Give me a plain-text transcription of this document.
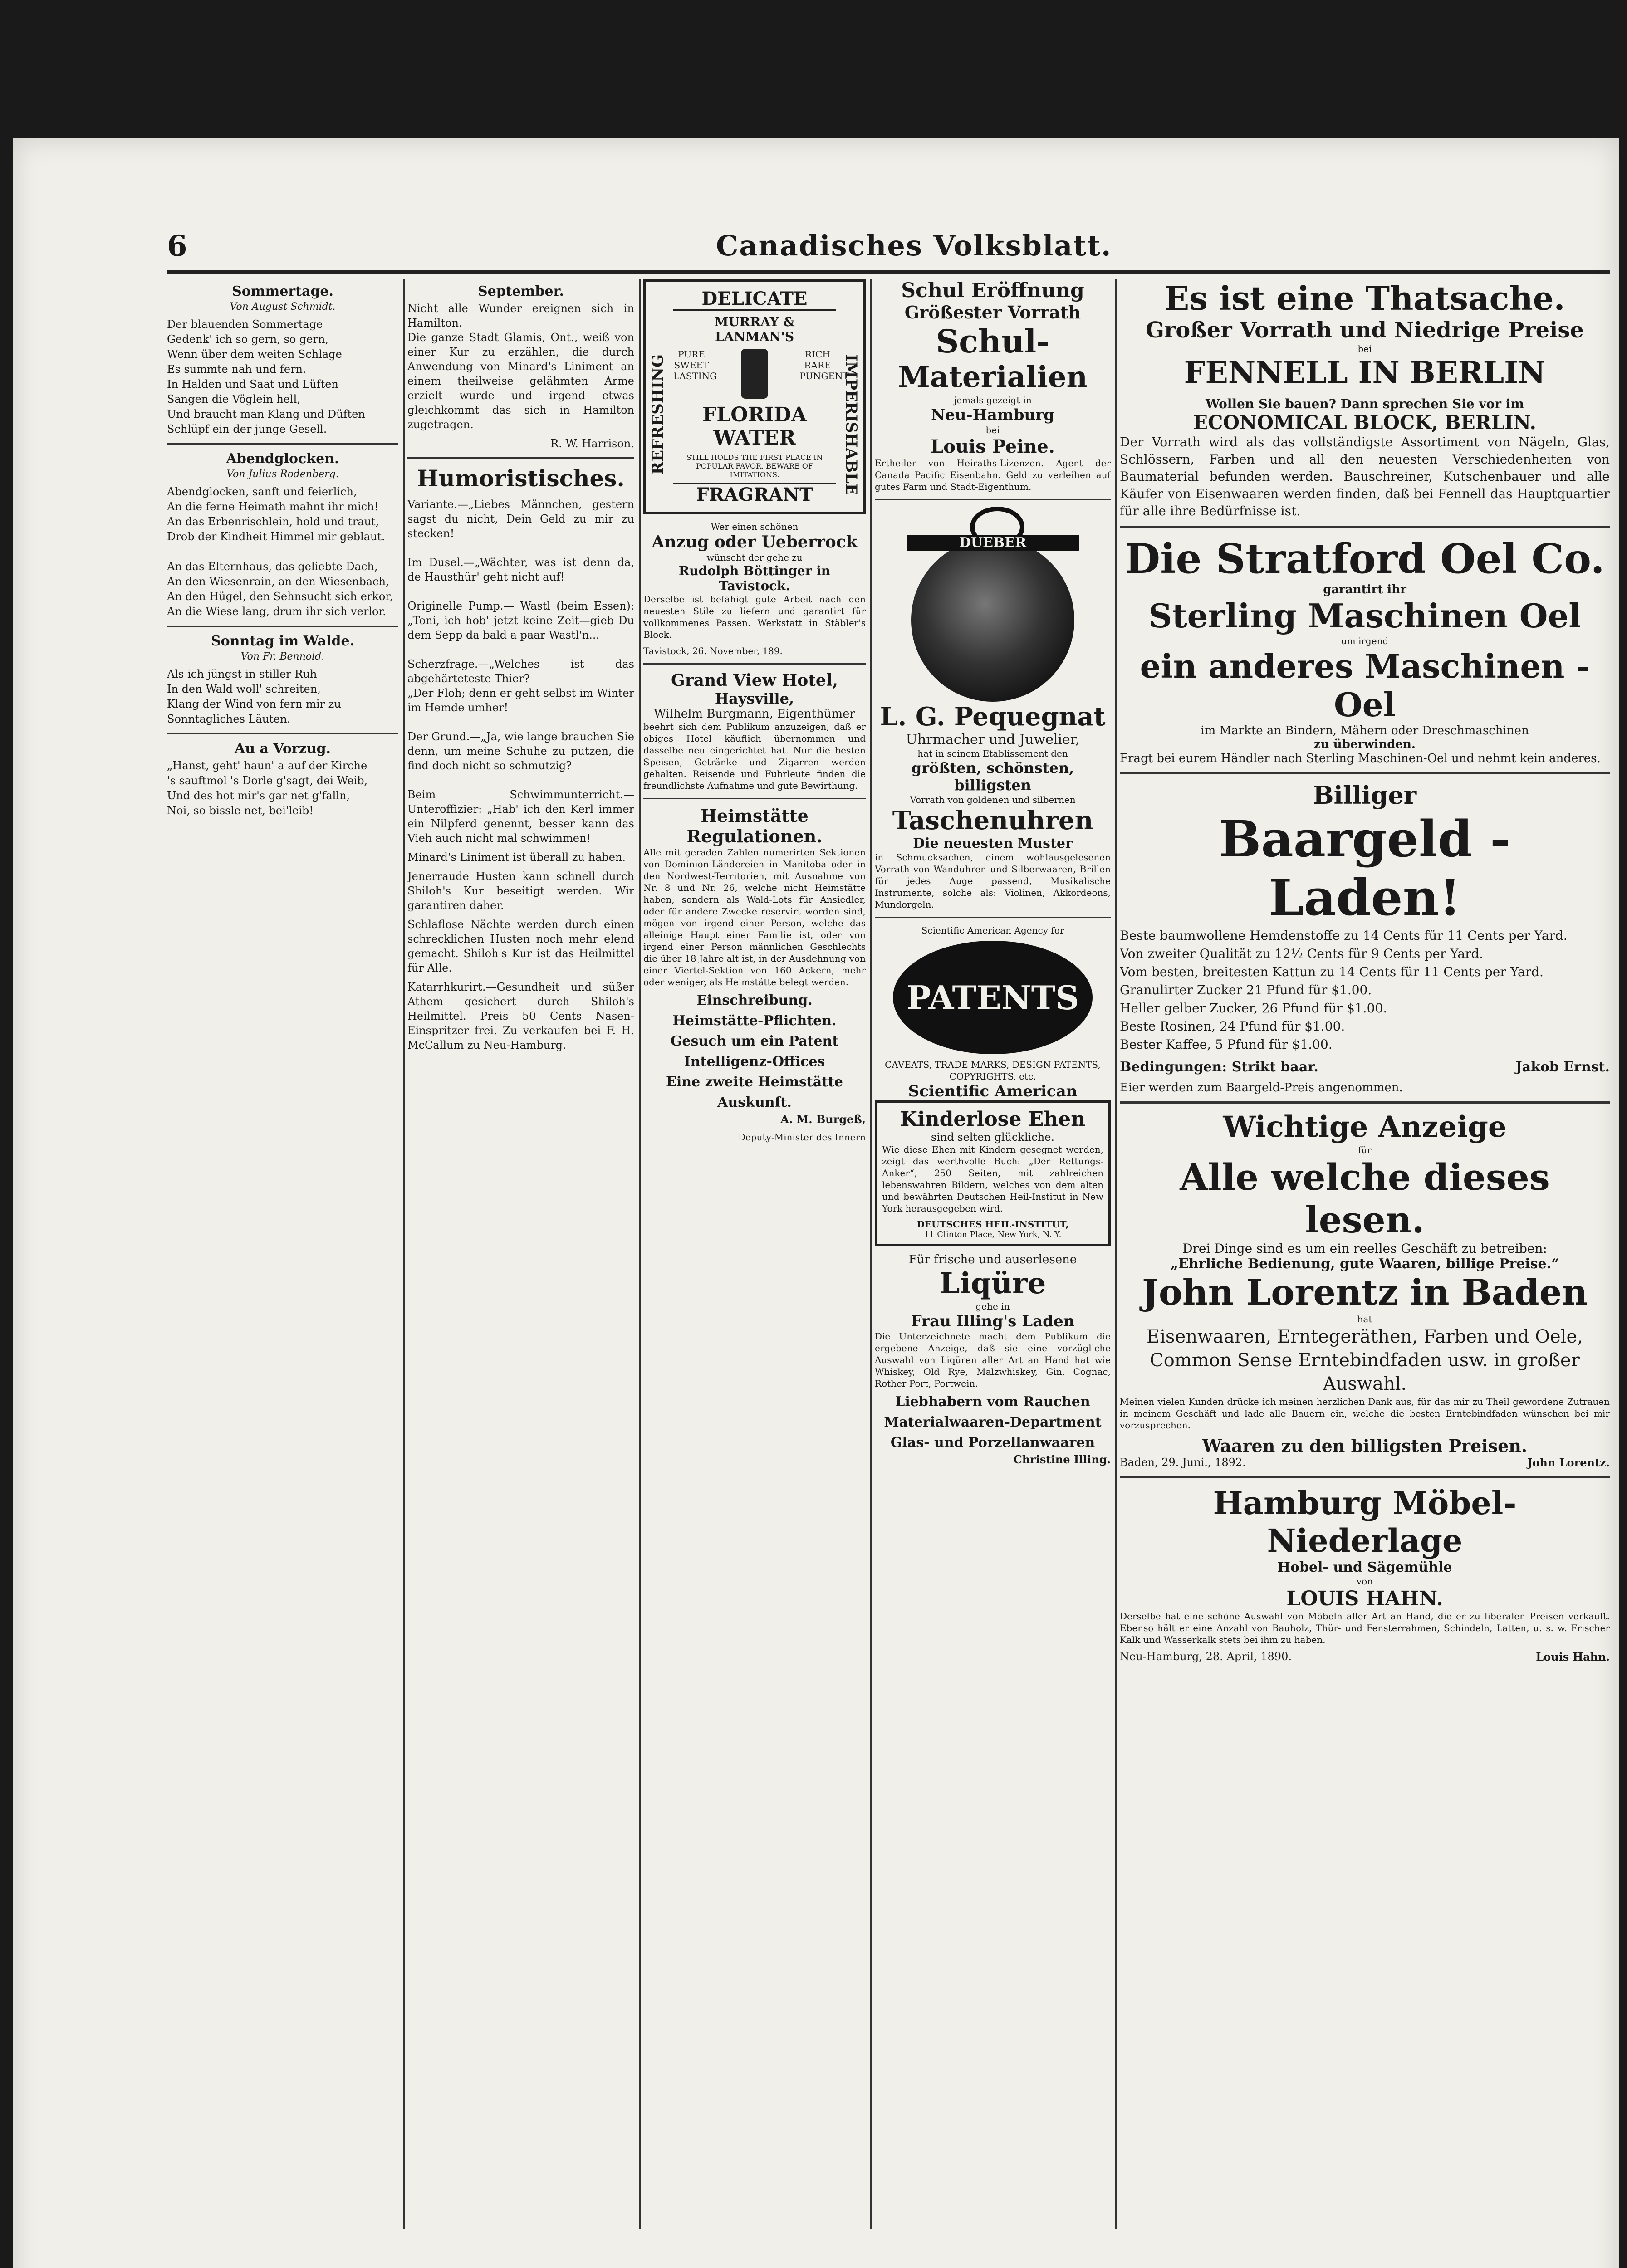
6	Canadisches Volksblatt.
Sommertage.
Von August Schmidt.
Der blauenden Sommertage
Gedenk' ich so gern, so gern,
Wenn über dem weiten Schlage
Es summte nah und fern.
In Halden und Saat und Lüften
Sangen die Vöglein hell,
Und braucht man Klang und Düften
Schlüpf ein der junge Gesell.
Abendglocken.
Von Julius Rodenberg.
Abendglocken, sanft und feierlich,
An die ferne Heimath mahnt ihr mich!
An das Erbenrischlein, hold und traut,
Drob der Kindheit Himmel mir geblaut.

An das Elternhaus, das geliebte Dach,
An den Wiesenrain, an den Wiesenbach,
An den Hügel, den Sehnsucht sich erkor,
An die Wiese lang, drum ihr sich verlor.
Sonntag im Walde.
Von Fr. Bennold.
Als ich jüngst in stiller Ruh
In den Wald woll' schreiten,
Klang der Wind von fern mir zu
Sonntagliches Läuten.
Au a Vorzug.
„Hanst, geht' haun' a auf der Kirche
's sauftmol 's Dorle g'sagt, dei Weib,
Und des hot mir's gar net g'falln,
Noi, so bissle net, bei'leib!
September.
Nicht alle Wunder ereignen sich in Hamilton.
Die ganze Stadt Glamis, Ont., weiß von einer Kur zu erzählen, die durch Anwendung von Minard's Liniment an einem theilweise gelähmten Arme erzielt wurde und irgend etwas gleichkommt das sich in Hamilton zugetragen.
R. W. Harrison.
Humoristisches.
Variante.—„Liebes Männchen, gestern sagst du nicht, Dein Geld zu mir zu stecken!

Im Dusel.—„Wächter, was ist denn da, de Hausthür' geht nicht auf!

Originelle Pump.— Wastl (beim Essen): „Toni, ich hob' jetzt keine Zeit—gieb Du dem Sepp da bald a paar Wastl'n...

Scherzfrage.—„Welches ist das abgehärteteste Thier?
„Der Floh; denn er geht selbst im Winter im Hemde umher!

Der Grund.—„Ja, wie lange brauchen Sie denn, um meine Schuhe zu putzen, die find doch nicht so schmutzig?

Beim Schwimmunterricht.— Unteroffizier: „Hab' ich den Kerl immer ein Nilpferd genennt, besser kann das Vieh auch nicht mal schwimmen!
Minard's Liniment ist überall zu haben.
Jenerraude Husten kann schnell durch Shiloh's Kur beseitigt werden. Wir garantiren daher.
Schlaflose Nächte werden durch einen schrecklichen Husten noch mehr elend gemacht. Shiloh's Kur ist das Heilmittel für Alle.
Katarrhkurirt.—Gesundheit und süßer Athem gesichert durch Shiloh's Heilmittel. Preis 50 Cents Nasen-Einspritzer frei. Zu verkaufen bei F. H. McCallum zu Neu-Hamburg.
REFRESHING	IMPERISHABLE
DELICATE
MURRAY & LANMAN'S
PURE SWEET LASTING
RICH RARE PUNGENT
FLORIDA WATER
STILL HOLDS THE FIRST PLACE IN POPULAR FAVOR. BEWARE OF IMITATIONS.
FRAGRANT
Wer einen schönen
Anzug oder Ueberrock
wünscht der gehe zu
Rudolph Böttinger in Tavistock.
Derselbe ist befähigt gute Arbeit nach den neuesten Stile zu liefern und garantirt für vollkommenes Passen. Werkstatt in Stäbler's Block.
Tavistock, 26. November, 189.
Grand View Hotel,
Haysville,
Wilhelm Burgmann, Eigenthümer
beehrt sich dem Publikum anzuzeigen, daß er obiges Hotel käuflich übernommen und dasselbe neu eingerichtet hat. Nur die besten Speisen, Getränke und Zigarren werden gehalten. Reisende und Fuhrleute finden die freundlichste Aufnahme und gute Bewirthung.
Heimstätte Regulationen.
Alle mit geraden Zahlen numerirten Sektionen von Dominion-Ländereien in Manitoba oder in den Nordwest-Territorien, mit Ausnahme von Nr. 8 und Nr. 26, welche nicht Heimstätte haben, sondern als Wald-Lots für Ansiedler, oder für andere Zwecke reservirt worden sind, mögen von irgend einer Person, welche das alleinige Haupt einer Familie ist, oder von irgend einer Person männlichen Geschlechts die über 18 Jahre alt ist, in der Ausdehnung von einer Viertel-Sektion von 160 Ackern, mehr oder weniger, als Heimstätte belegt werden.
Einschreibung.
Heimstätte-Pflichten.
Gesuch um ein Patent
Intelligenz-Offices
Eine zweite Heimstätte
Auskunft.
A. M. Burgeß,
Deputy-Minister des Innern
Schul Eröffnung
Größester Vorrath
Schul-
Materialien
jemals gezeigt in
Neu-Hamburg
bei
Louis Peine.
Ertheiler von Heiraths-Lizenzen. Agent der Canada Pacific Eisenbahn. Geld zu verleihen auf gutes Farm und Stadt-Eigenthum.
DUEBER
L. G. Pequegnat
Uhrmacher und Juwelier,
hat in seinem Etablissement den
größten, schönsten, billigsten
Vorrath von goldenen und silbernen
Taschenuhren
Die neuesten Muster
in Schmucksachen, einem wohlausgelesenen Vorrath von Wanduhren und Silberwaaren, Brillen für jedes Auge passend, Musikalische Instrumente, solche als: Violinen, Akkordeons, Mundorgeln.
Scientific American Agency for
PATENTS
CAVEATS, TRADE MARKS, DESIGN PATENTS, COPYRIGHTS, etc.
Scientific American
Kinderlose Ehen
sind selten glückliche.
Wie diese Ehen mit Kindern gesegnet werden, zeigt das werthvolle Buch: „Der Rettungs-Anker“, 250 Seiten, mit zahlreichen lebenswahren Bildern, welches von dem alten und bewährten Deutschen Heil-Institut in New York herausgegeben wird.
DEUTSCHES HEIL-INSTITUT,
11 Clinton Place, New York, N. Y.
Für frische und auserlesene
Liqüre
gehe in
Frau Illing's Laden
Die Unterzeichnete macht dem Publikum die ergebene Anzeige, daß sie eine vorzügliche Auswahl von Liqüren aller Art an Hand hat wie Whiskey, Old Rye, Malzwhiskey, Gin, Cognac, Rother Port, Portwein.
Liebhabern vom Rauchen
Materialwaaren-Department
Glas- und Porzellanwaaren
Christine Illing.
Es ist eine Thatsache.
Großer Vorrath und Niedrige Preise
bei
FENNELL IN BERLIN
Wollen Sie bauen? Dann sprechen Sie vor im
ECONOMICAL BLOCK, BERLIN.
Der Vorrath wird als das vollständigste Assortiment von Nägeln, Glas, Schlössern, Farben und all den neuesten Verschiedenheiten von Baumaterial befunden werden. Bauschreiner, Kutschenbauer und alle Käufer von Eisenwaaren werden finden, daß bei Fennell das Hauptquartier für alle ihre Bedürfnisse ist.
Die Stratford Oel Co.
garantirt ihr
Sterling Maschinen Oel
um irgend
ein anderes Maschinen - Oel
im Markte an Bindern, Mähern oder Dreschmaschinen
zu überwinden.
Fragt bei eurem Händler nach Sterling Maschinen-Oel und nehmt kein anderes.
Billiger
Baargeld - Laden!
Beste baumwollene Hemdenstoffe zu 14 Cents für 11 Cents per Yard.
Von zweiter Qualität zu 12½ Cents für 9 Cents per Yard.
Vom besten, breitesten Kattun zu 14 Cents für 11 Cents per Yard.
Granulirter Zucker 21 Pfund für $1.00.
Heller gelber Zucker, 26 Pfund für $1.00.
Beste Rosinen, 24 Pfund für $1.00.
Bester Kaffee, 5 Pfund für $1.00.
Bedingungen: Strikt baar.	Jakob Ernst.
Eier werden zum Baargeld-Preis angenommen.
Wichtige Anzeige
für
Alle welche dieses lesen.
Drei Dinge sind es um ein reelles Geschäft zu betreiben:
„Ehrliche Bedienung, gute Waaren, billige Preise.“
John Lorentz in Baden
hat
Eisenwaaren, Erntegeräthen, Farben und Oele, Common Sense Erntebindfaden usw. in großer Auswahl.
Meinen vielen Kunden drücke ich meinen herzlichen Dank aus, für das mir zu Theil gewordene Zutrauen in meinem Geschäft und lade alle Bauern ein, welche die besten Erntebindfaden wünschen bei mir vorzusprechen.
Waaren zu den billigsten Preisen.
Baden, 29. Juni., 1892.	John Lorentz.
Hamburg Möbel-Niederlage
Hobel- und Sägemühle
von
LOUIS HAHN.
Derselbe hat eine schöne Auswahl von Möbeln aller Art an Hand, die er zu liberalen Preisen verkauft. Ebenso hält er eine Anzahl von Bauholz, Thür- und Fensterrahmen, Schindeln, Latten, u. s. w. Frischer Kalk und Wasserkalk stets bei ihm zu haben.
Neu-Hamburg, 28. April, 1890.	Louis Hahn.
